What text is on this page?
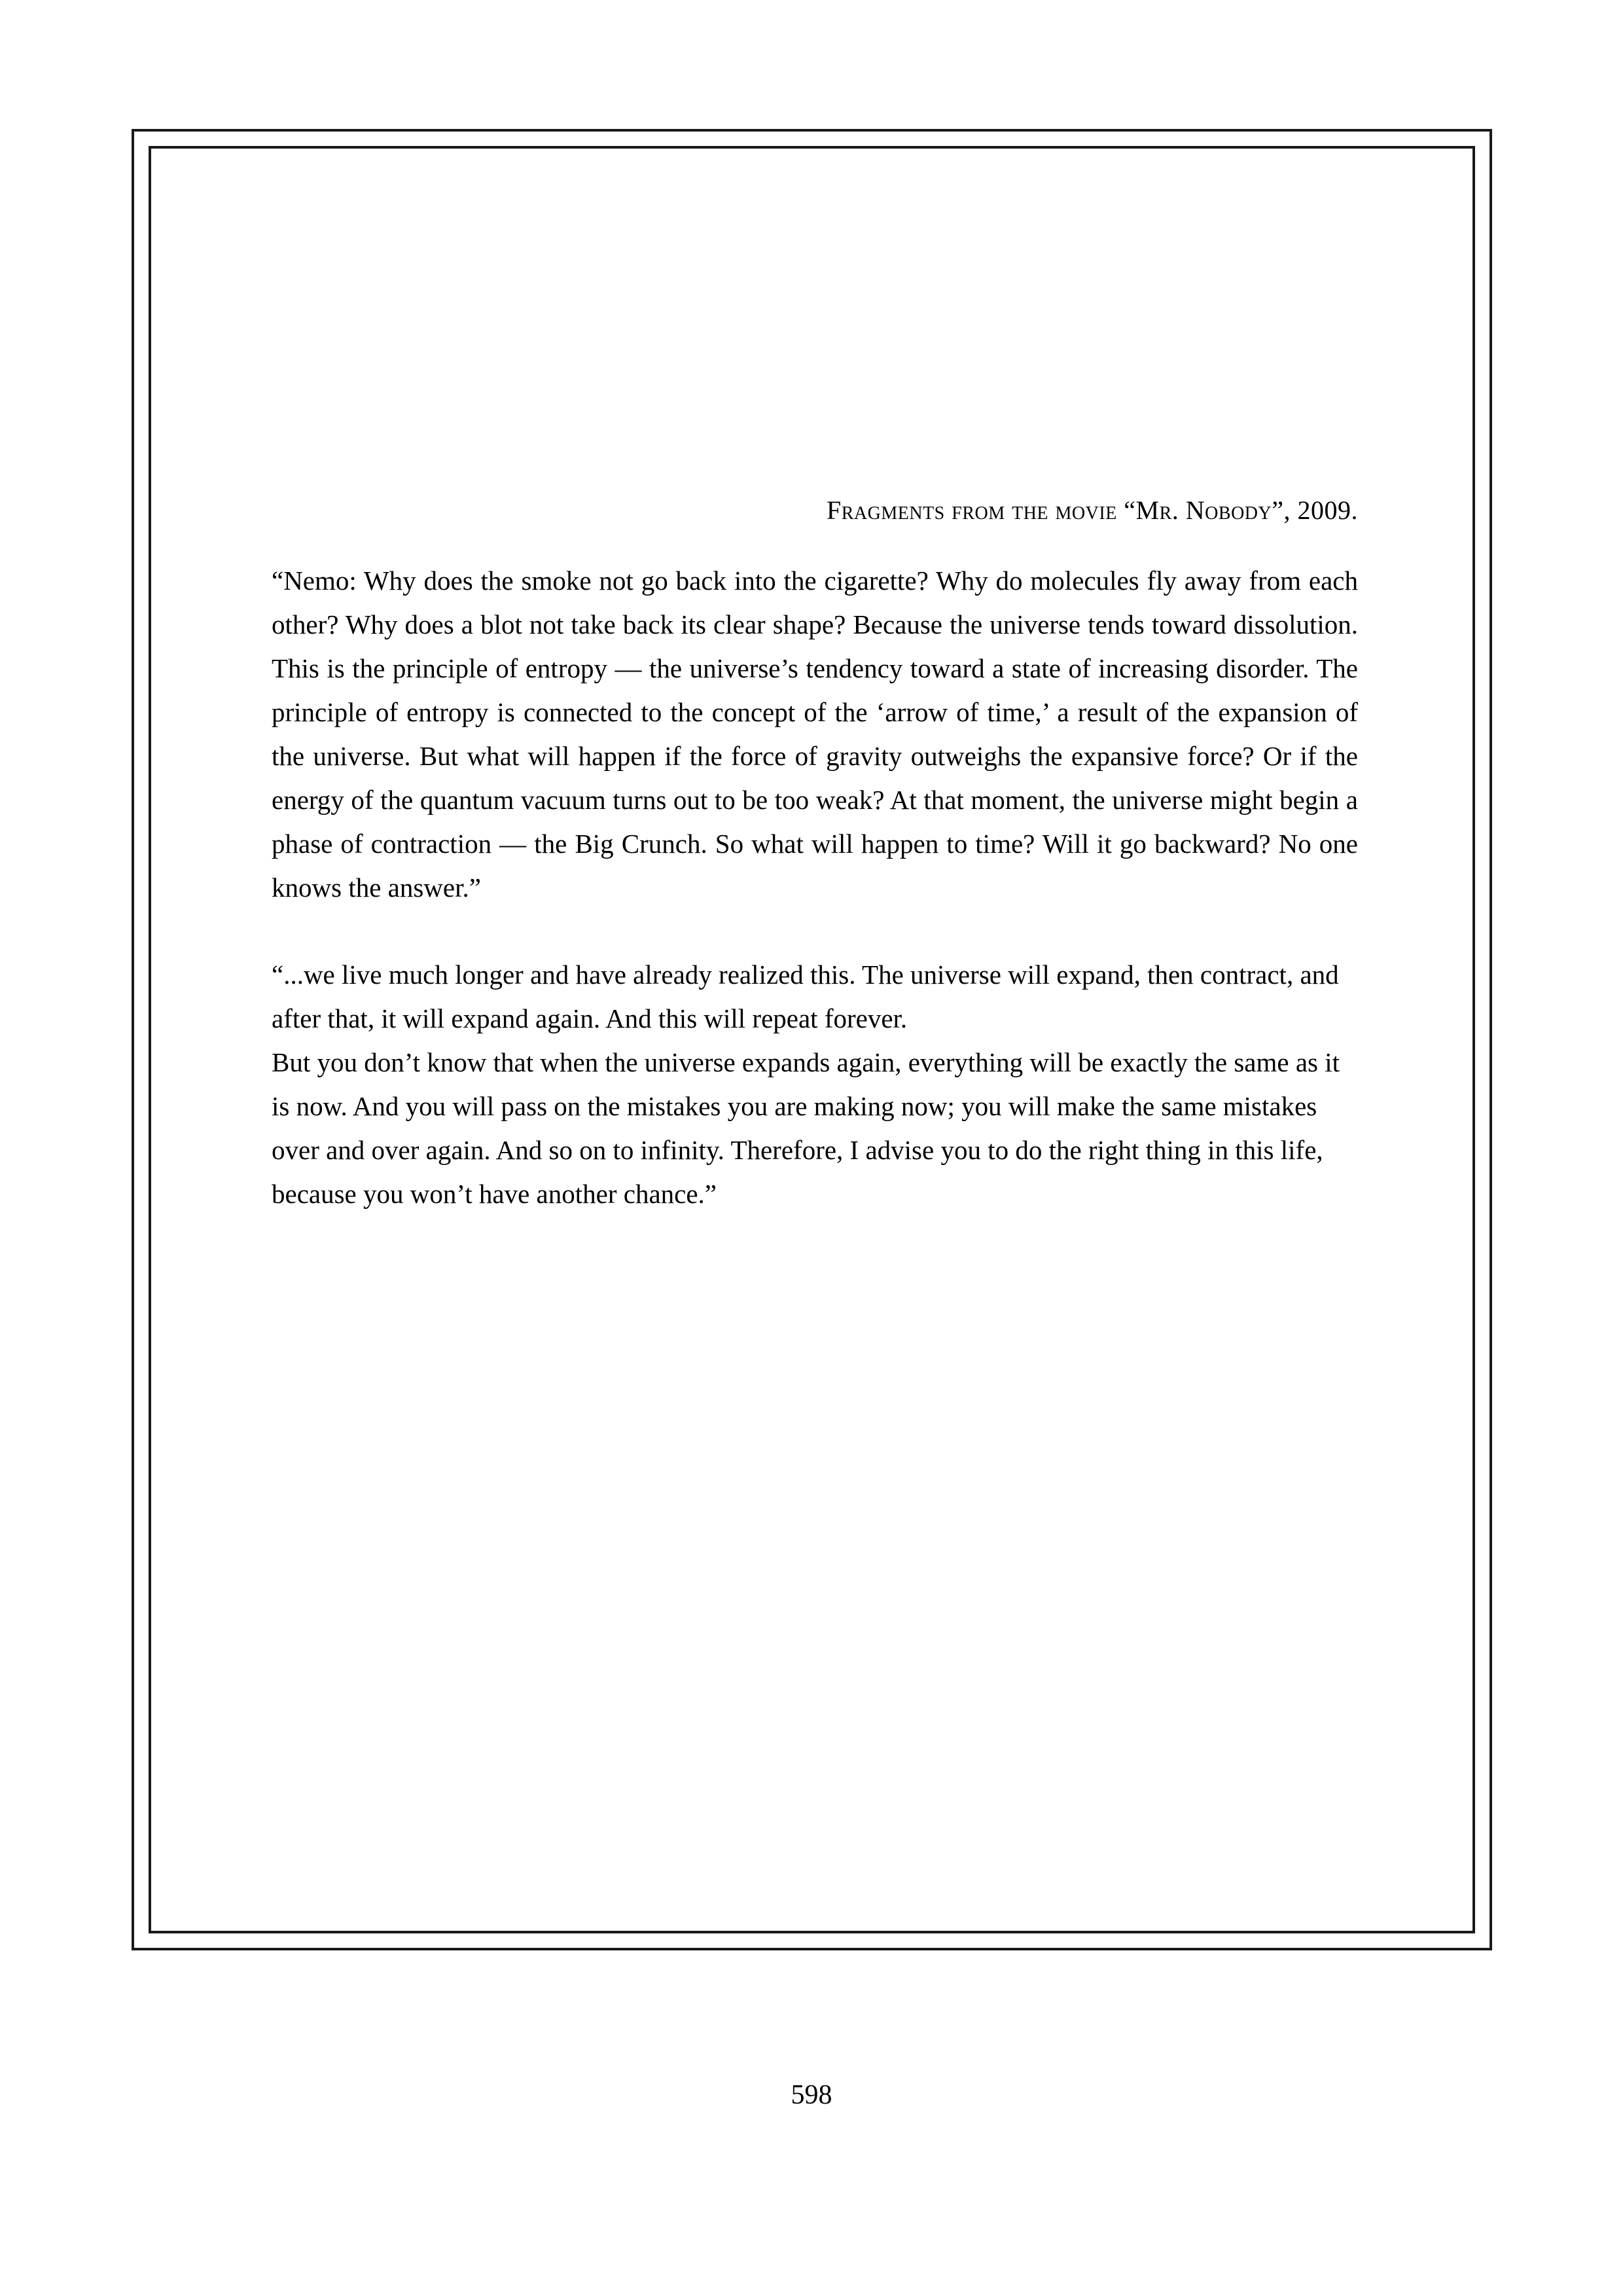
Fragments from the movie “Mr. Nobody”, 2009.

“Nemo: Why does the smoke not go back into the cigarette? Why do molecules fly away from each other? Why does a blot not take back its clear shape? Because the universe tends toward dissolution. This is the principle of entropy — the universe’s tendency toward a state of increasing disorder. The principle of entropy is connected to the concept of the ‘arrow of time,’ a result of the expansion of the universe. But what will happen if the force of gravity outweighs the expansive force? Or if the energy of the quantum vacuum turns out to be too weak? At that moment, the universe might begin a phase of contraction — the Big Crunch. So what will happen to time? Will it go backward? No one knows the answer.”

“...we live much longer and have already realized this. The universe will expand, then contract, and after that, it will expand again. And this will repeat forever.

But you don’t know that when the universe expands again, everything will be exactly the same as it is now. And you will pass on the mistakes you are making now; you will make the same mistakes over and over again. And so on to infinity. Therefore, I advise you to do the right thing in this life, because you won’t have another chance.”

598
